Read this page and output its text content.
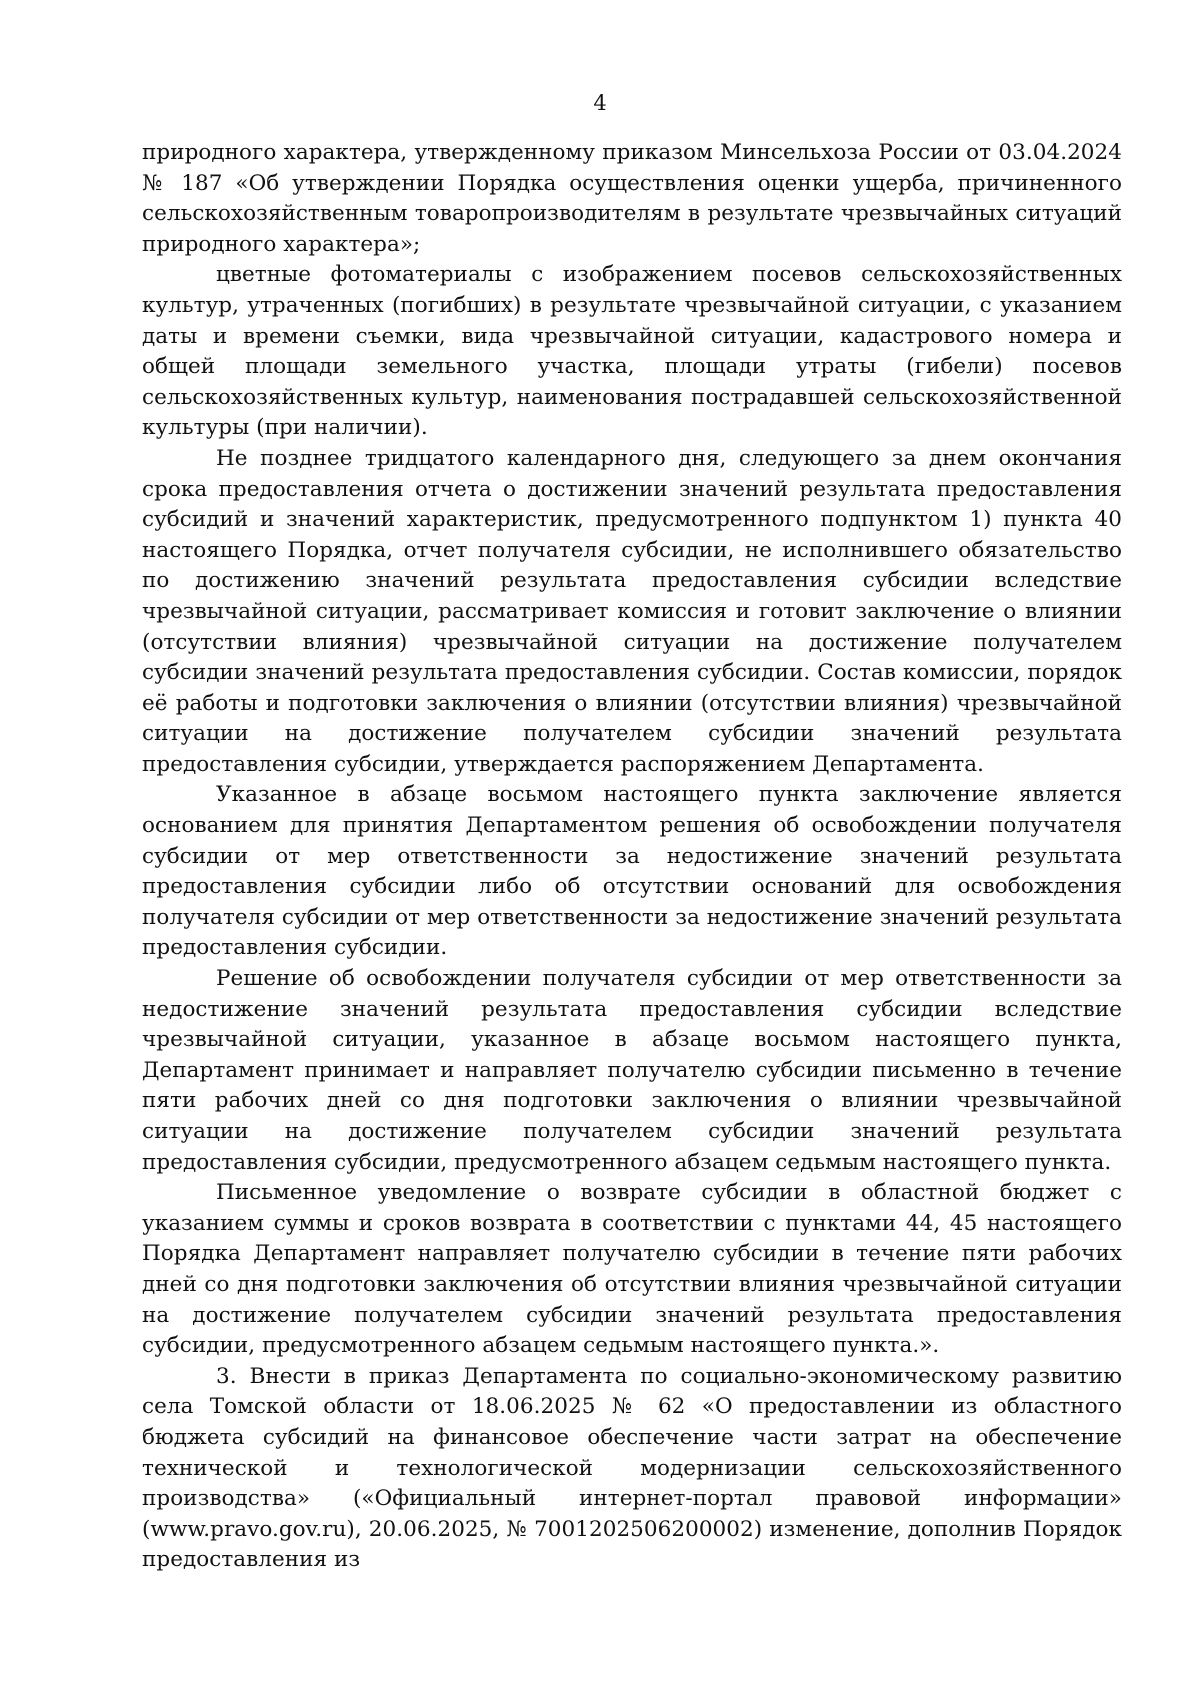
4

природного характера, утвержденному приказом Минсельхоза России от 03.04.2024 № 187 «Об утверждении Порядка осуществления оценки ущерба, причиненного сельскохозяйственным товаропроизводителям в результате чрезвычайных ситуаций природного характера»;

цветные фотоматериалы с изображением посевов сельскохозяйственных культур, утраченных (погибших) в результате чрезвычайной ситуации, с указанием даты и времени съемки, вида чрезвычайной ситуации, кадастрового номера и общей площади земельного участка, площади утраты (гибели) посевов сельскохозяйственных культур, наименования пострадавшей сельскохозяйственной культуры (при наличии).

Не позднее тридцатого календарного дня, следующего за днем окончания срока предоставления отчета о достижении значений результата предоставления субсидий и значений характеристик, предусмотренного подпунктом 1) пункта 40 настоящего Порядка, отчет получателя субсидии, не исполнившего обязательство по достижению значений результата предоставления субсидии вследствие чрезвычайной ситуации, рассматривает комиссия и готовит заключение о влиянии (отсутствии влияния) чрезвычайной ситуации на достижение получателем субсидии значений результата предоставления субсидии. Состав комиссии, порядок её работы и подготовки заключения о влиянии (отсутствии влияния) чрезвычайной ситуации на достижение получателем субсидии значений результата предоставления субсидии, утверждается распоряжением Департамента.

Указанное в абзаце восьмом настоящего пункта заключение является основанием для принятия Департаментом решения об освобождении получателя субсидии от мер ответственности за недостижение значений результата предоставления субсидии либо об отсутствии оснований для освобождения получателя субсидии от мер ответственности за недостижение значений результата предоставления субсидии.

Решение об освобождении получателя субсидии от мер ответственности за недостижение значений результата предоставления субсидии вследствие чрезвычайной ситуации, указанное в абзаце восьмом настоящего пункта, Департамент принимает и направляет получателю субсидии письменно в течение пяти рабочих дней со дня подготовки заключения о влиянии чрезвычайной ситуации на достижение получателем субсидии значений результата предоставления субсидии, предусмотренного абзацем седьмым настоящего пункта.

Письменное уведомление о возврате субсидии в областной бюджет с указанием суммы и сроков возврата в соответствии с пунктами 44, 45 настоящего Порядка Департамент направляет получателю субсидии в течение пяти рабочих дней со дня подготовки заключения об отсутствии влияния чрезвычайной ситуации на достижение получателем субсидии значений результата предоставления субсидии, предусмотренного абзацем седьмым настоящего пункта.».

3. Внести в приказ Департамента по социально-экономическому развитию села Томской области от 18.06.2025 № 62 «О предоставлении из областного бюджета субсидий на финансовое обеспечение части затрат на обеспечение технической и технологической модернизации сельскохозяйственного производства» («Официальный интернет-портал правовой информации» (www.pravo.gov.ru), 20.06.2025, № 7001202506200002) изменение, дополнив Порядок предоставления из
